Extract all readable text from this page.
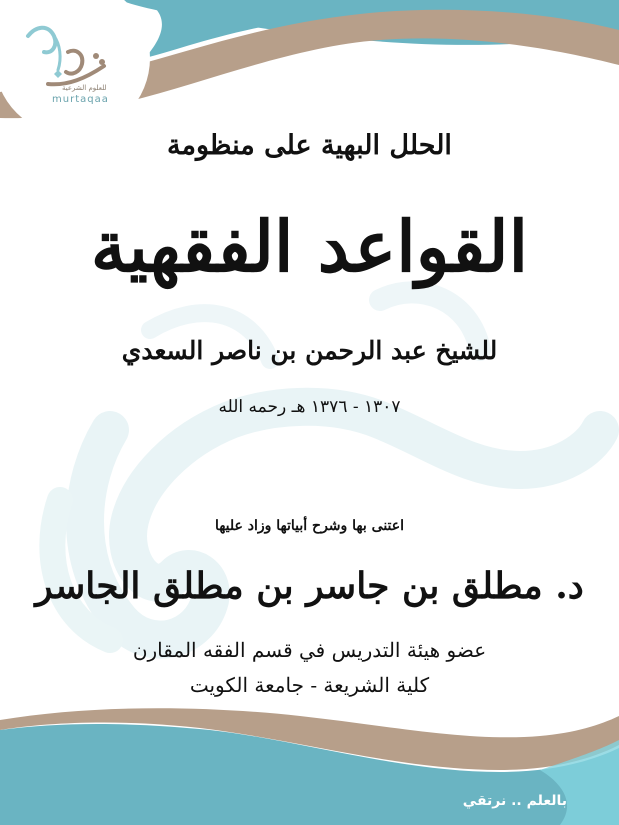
للعلوم الشرعية
murtaqaa
الحلل البهية على منظومة
القواعد الفقهية
للشيخ عبد الرحمن بن ناصر السعدي
١٣٠٧ - ١٣٧٦ هـ رحمه الله
اعتنى بها وشرح أبياتها وزاد عليها
د. مطلق بن جاسر بن مطلق الجاسر
عضو هيئة التدريس في قسم الفقه المقارن
كلية الشريعة - جامعة الكويت
بالعلم .. نرتقي
